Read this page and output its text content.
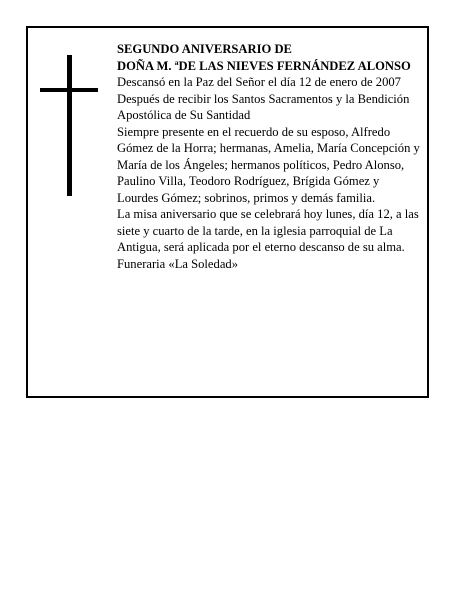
SEGUNDO ANIVERSARIO DE

DOÑA M. ªDE LAS NIEVES FERNÁNDEZ ALONSO

Descansó en la Paz del Señor el día 12 de enero de 2007

Después de recibir los Santos Sacramentos y la Bendición Apostólica de Su Santidad

Siempre presente en el recuerdo de su esposo, Alfredo Gómez de la Horra; hermanas, Amelia, María Concepción y María de los Ángeles; hermanos políticos, Pedro Alonso, Paulino Villa, Teodoro Rodríguez, Brígida Gómez y Lourdes Gómez; sobrinos, primos y demás familia.

La misa aniversario que se celebrará hoy lunes, día 12, a las siete y cuarto de la tarde, en la iglesia parroquial de La Antigua, será aplicada por el eterno descanso de su alma.

Funeraria «La Soledad»
